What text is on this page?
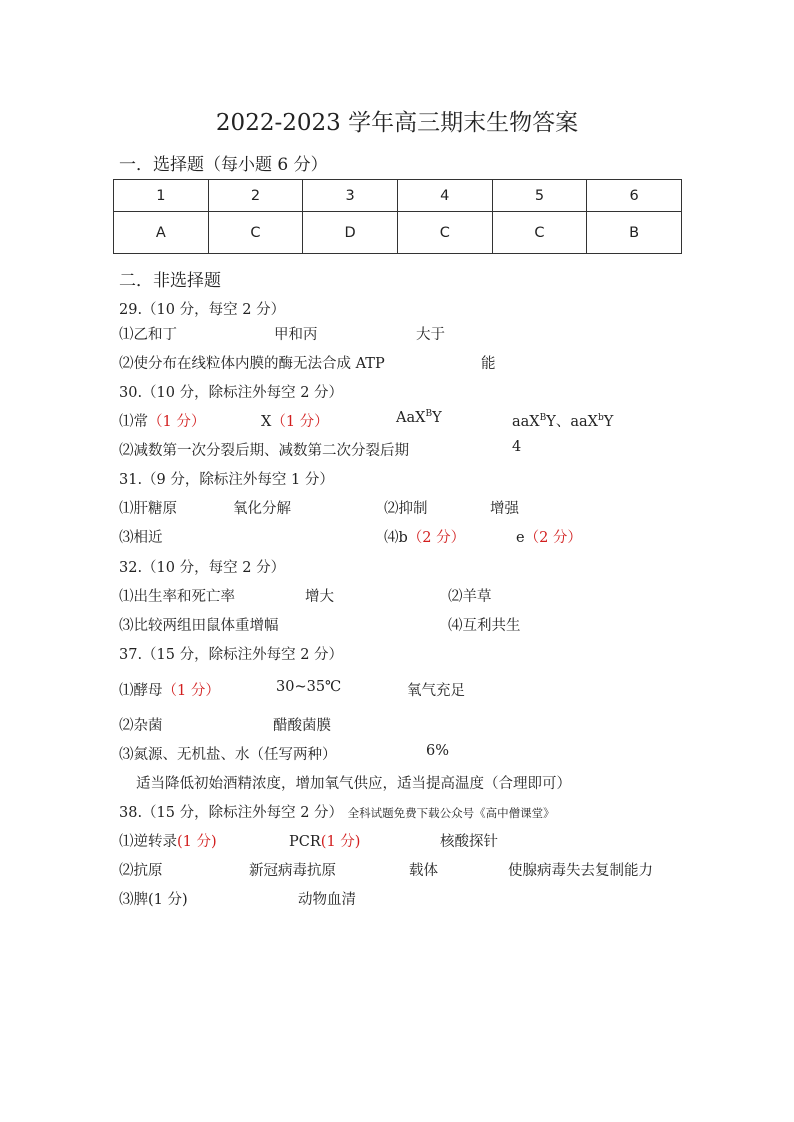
2022-2023 学年高三期末生物答案
一．选择题（每小题 6 分）
1	2	3	4	5	6
A	C	D	C	C	B
二．非选择题
29.（10 分，每空 2 分）
⑴乙和丁	甲和丙	大于
⑵使分布在线粒体内膜的酶无法合成 ATP	能
30.（10 分，除标注外每空 2 分）
⑴常（1 分）	X（1 分）	AaX$^B$Y	aaX$^B$Y、aaX$^b$Y
⑵减数第一次分裂后期、减数第二次分裂后期	4
31.（9 分，除标注外每空 1 分）
⑴肝糖原	氧化分解	⑵抑制	增强
⑶相近	⑷b（2 分）	e（2 分）
32.（10 分，每空 2 分）
⑴出生率和死亡率	增大	⑵羊草
⑶比较两组田鼠体重增幅	⑷互利共生
37.（15 分，除标注外每空 2 分）
⑴酵母（1 分）	30~35℃	氧气充足
⑵杂菌	醋酸菌膜
⑶氮源、无机盐、水（任写两种）	6%
适当降低初始酒精浓度，增加氧气供应，适当提高温度（合理即可）
38.（15 分，除标注外每空 2 分） 全科试题免费下载公众号《高中僧课堂》
⑴逆转录(1 分)	PCR(1 分)	核酸探针
⑵抗原	新冠病毒抗原	载体	使腺病毒失去复制能力
⑶脾(1 分)	动物血清
